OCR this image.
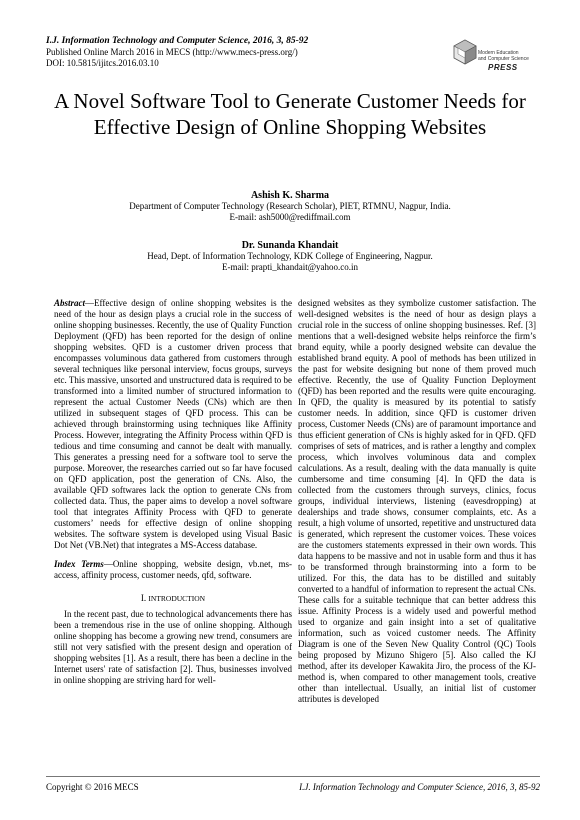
I.J. Information Technology and Computer Science, 2016, 3, 85-92
Published Online March 2016 in MECS (http://www.mecs-press.org/)
DOI: 10.5815/ijitcs.2016.03.10
Modern Education
and Computer Science
PRESS
A Novel Software Tool to Generate Customer Needs for Effective Design of Online Shopping Websites
Ashish K. Sharma
Department of Computer Technology (Research Scholar), PIET, RTMNU, Nagpur, India.
E-mail: ash5000@rediffmail.com
Dr. Sunanda Khandait
Head, Dept. of Information Technology, KDK College of Engineering, Nagpur.
E-mail: prapti_khandait@yahoo.co.in

Abstract—Effective design of online shopping websites is the need of the hour as design plays a crucial role in the success of online shopping businesses. Recently, the use of Quality Function Deployment (QFD) has been reported for the design of online shopping websites. QFD is a customer driven process that encompasses voluminous data gathered from customers through several techniques like personal interview, focus groups, surveys etc. This massive, unsorted and unstructured data is required to be transformed into a limited number of structured information to represent the actual Customer Needs (CNs) which are then utilized in subsequent stages of QFD process. This can be achieved through brainstorming using techniques like Affinity Process. However, integrating the Affinity Process within QFD is tedious and time consuming and cannot be dealt with manually. This generates a pressing need for a software tool to serve the purpose. Moreover, the researches carried out so far have focused on QFD application, post the generation of CNs. Also, the available QFD softwares lack the option to generate CNs from collected data. Thus, the paper aims to develop a novel software tool that integrates Affinity Process with QFD to generate customers’ needs for effective design of online shopping websites. The software system is developed using Visual Basic Dot Net (VB.Net) that integrates a MS-Access database.

Index Terms—Online shopping, website design, vb.net, ms-access, affinity process, customer needs, qfd, software.

I. INTRODUCTION

In the recent past, due to technological advancements there has been a tremendous rise in the use of online shopping. Although online shopping has become a growing new trend, consumers are still not very satisfied with the present design and operation of shopping websites [1]. As a result, there has been a decline in the Internet users' rate of satisfaction [2]. Thus, businesses involved in online shopping are striving hard for well-

designed websites as they symbolize customer satisfaction. The well-designed websites is the need of hour as design plays a crucial role in the success of online shopping businesses. Ref. [3] mentions that a well-designed website helps reinforce the firm’s brand equity, while a poorly designed website can devalue the established brand equity. A pool of methods has been utilized in the past for website designing but none of them proved much effective. Recently, the use of Quality Function Deployment (QFD) has been reported and the results were quite encouraging. In QFD, the quality is measured by its potential to satisfy customer needs. In addition, since QFD is customer driven process, Customer Needs (CNs) are of paramount importance and thus efficient generation of CNs is highly asked for in QFD. QFD comprises of sets of matrices, and is rather a lengthy and complex process, which involves voluminous data and complex calculations. As a result, dealing with the data manually is quite cumbersome and time consuming [4]. In QFD the data is collected from the customers through surveys, clinics, focus groups, individual interviews, listening (eavesdropping) at dealerships and trade shows, consumer complaints, etc. As a result, a high volume of unsorted, repetitive and unstructured data is generated, which represent the customer voices. These voices are the customers statements expressed in their own words. This data happens to be massive and not in usable form and thus it has to be transformed through brainstorming into a form to be utilized. For this, the data has to be distilled and suitably converted to a handful of information to represent the actual CNs. These calls for a suitable technique that can better address this issue. Affinity Process is a widely used and powerful method used to organize and gain insight into a set of qualitative information, such as voiced customer needs. The Affinity Diagram is one of the Seven New Quality Control (QC) Tools being proposed by Mizuno Shigero [5]. Also called the KJ method, after its developer Kawakita Jiro, the process of the KJ-method is, when compared to other management tools, creative other than intellectual. Usually, an initial list of customer attributes is developed

Copyright © 2016 MECS	I.J. Information Technology and Computer Science, 2016, 3, 85-92
